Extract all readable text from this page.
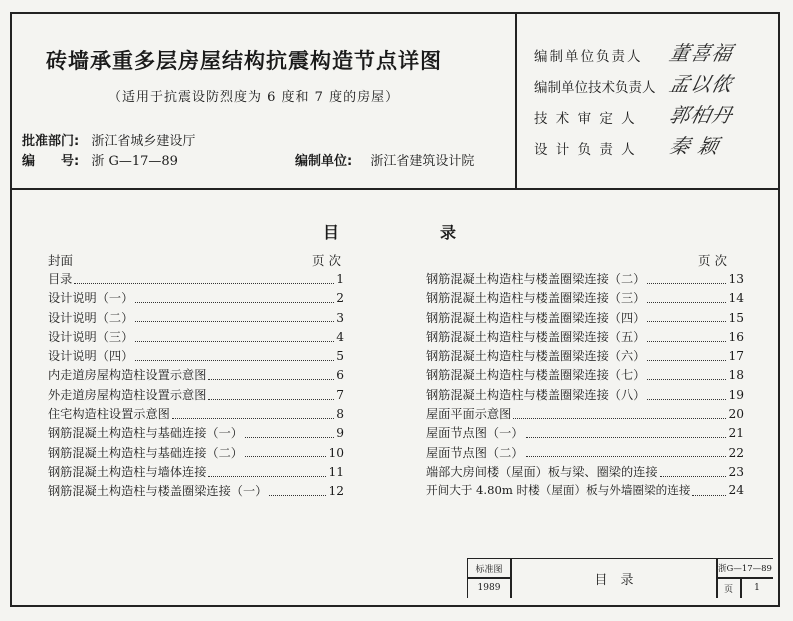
砖墙承重多层房屋结构抗震构造节点详图
（适用于抗震设防烈度为 6 度和 7 度的房屋）
批准部门: 浙江省城乡建设厅
编　　号: 浙 G—17—89	编制单位: 浙江省建筑设计院
编制单位负责人 董喜福
编制单位技术负责人 孟以侬
技 术 审 定 人 郭柏丹
设 计 负 责 人 秦 颖
目	录
封面	页 次	页 次
目录	1
设计说明（一）	2
设计说明（二）	3
设计说明（三）	4
设计说明（四）	5
内走道房屋构造柱设置示意图	6
外走道房屋构造柱设置示意图	7
住宅构造柱设置示意图	8
钢筋混凝土构造柱与基础连接（一）	9
钢筋混凝土构造柱与基础连接（二）	10
钢筋混凝土构造柱与墙体连接	11
钢筋混凝土构造柱与楼盖圈梁连接（一）	12
钢筋混凝土构造柱与楼盖圈梁连接（二）	13
钢筋混凝土构造柱与楼盖圈梁连接（三）	14
钢筋混凝土构造柱与楼盖圈梁连接（四）	15
钢筋混凝土构造柱与楼盖圈梁连接（五）	16
钢筋混凝土构造柱与楼盖圈梁连接（六）	17
钢筋混凝土构造柱与楼盖圈梁连接（七）	18
钢筋混凝土构造柱与楼盖圈梁连接（八）	19
屋面平面示意图	20
屋面节点图（一）	21
屋面节点图（二）	22
端部大房间楼（屋面）板与梁、圈梁的连接	23
开间大于 4.80m 时楼（屋面）板与外墙圈梁的连接	24
标准图
1989	目　录
浙G—17—89
页	1
